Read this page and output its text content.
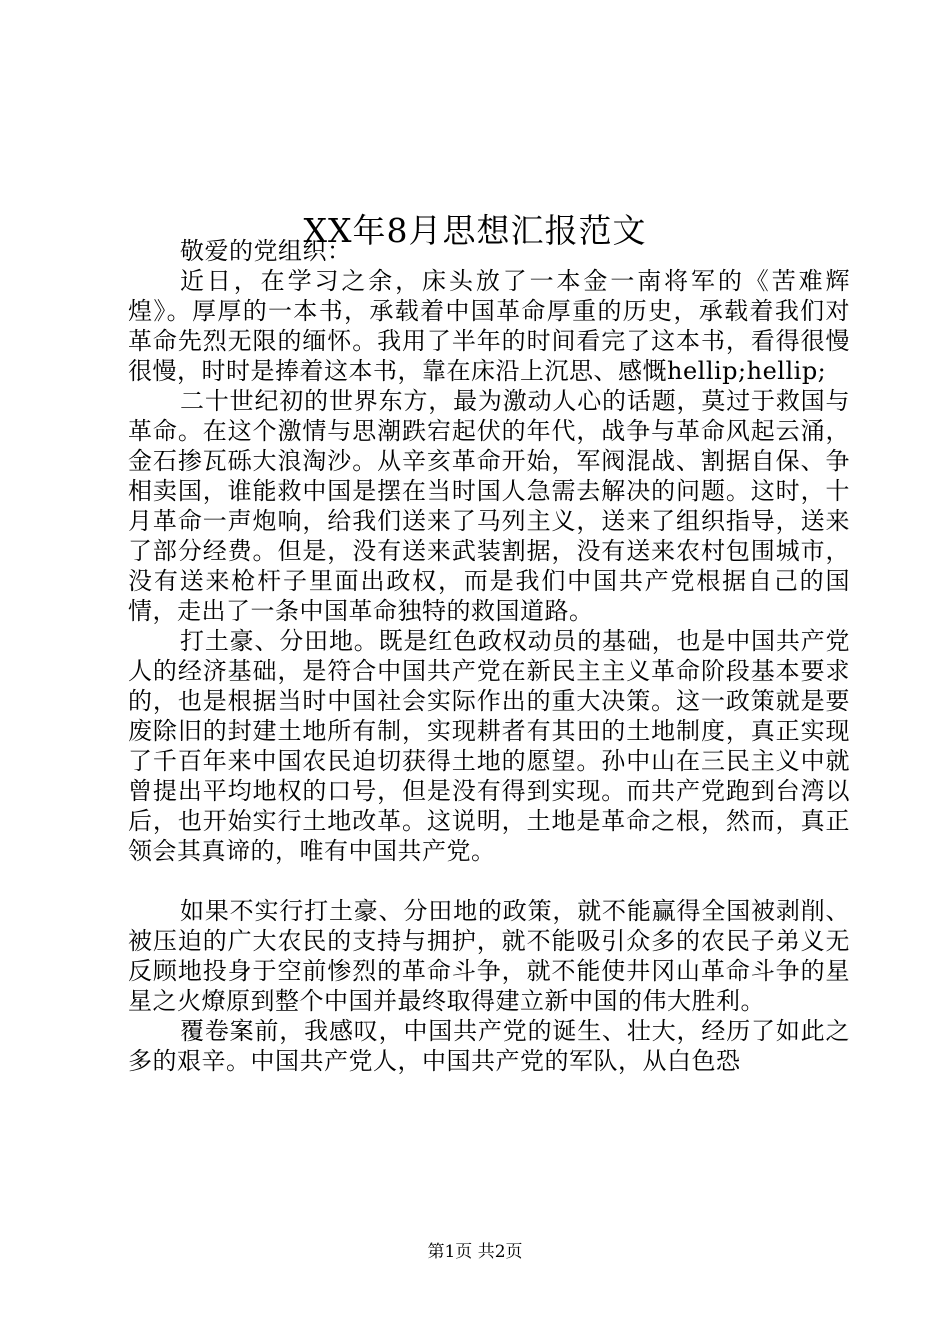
XX年8月思想汇报范文

敬爱的党组织：

近日，在学习之余，床头放了一本金一南将军的《苦难辉煌》。厚厚的一本书，承载着中国革命厚重的历史，承载着我们对革命先烈无限的缅怀。我用了半年的时间看完了这本书，看得很慢很慢，时时是捧着这本书，靠在床沿上沉思、感慨hellip;hellip;

二十世纪初的世界东方，最为激动人心的话题，莫过于救国与革命。在这个激情与思潮跌宕起伏的年代，战争与革命风起云涌，金石掺瓦砾大浪淘沙。从辛亥革命开始，军阀混战、割据自保、争相卖国，谁能救中国是摆在当时国人急需去解决的问题。这时，十月革命一声炮响，给我们送来了马列主义，送来了组织指导，送来了部分经费。但是，没有送来武装割据，没有送来农村包围城市，没有送来枪杆子里面出政权，而是我们中国共产党根据自己的国情，走出了一条中国革命独特的救国道路。

打土豪、分田地。既是红色政权动员的基础，也是中国共产党人的经济基础，是符合中国共产党在新民主主义革命阶段基本要求的，也是根据当时中国社会实际作出的重大决策。这一政策就是要废除旧的封建土地所有制，实现耕者有其田的土地制度，真正实现了千百年来中国农民迫切获得土地的愿望。孙中山在三民主义中就曾提出平均地权的口号，但是没有得到实现。而共产党跑到台湾以后，也开始实行土地改革。这说明，土地是革命之根，然而，真正领会其真谛的，唯有中国共产党。

如果不实行打土豪、分田地的政策，就不能赢得全国被剥削、被压迫的广大农民的支持与拥护，就不能吸引众多的农民子弟义无反顾地投身于空前惨烈的革命斗争，就不能使井冈山革命斗争的星星之火燎原到整个中国并最终取得建立新中国的伟大胜利。

覆卷案前，我感叹，中国共产党的诞生、壮大，经历了如此之多的艰辛。中国共产党人，中国共产党的军队，从白色恐

第1页 共2页
